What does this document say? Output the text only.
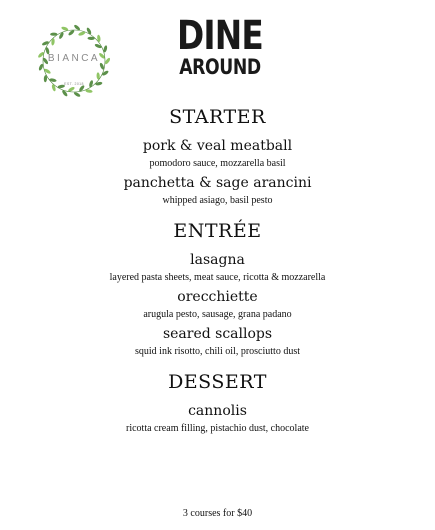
BIANCA
EST. 2018
DINE
AROUND
STARTER
pork & veal meatball
pomodoro sauce, mozzarella basil
panchetta & sage arancini
whipped asiago, basil pesto
ENTRÉE
lasagna
layered pasta sheets, meat sauce, ricotta & mozzarella
orecchiette
arugula pesto, sausage, grana padano
seared scallops
squid ink risotto, chili oil, prosciutto dust
DESSERT
cannolis
ricotta cream filling, pistachio dust, chocolate
3 courses for $40
